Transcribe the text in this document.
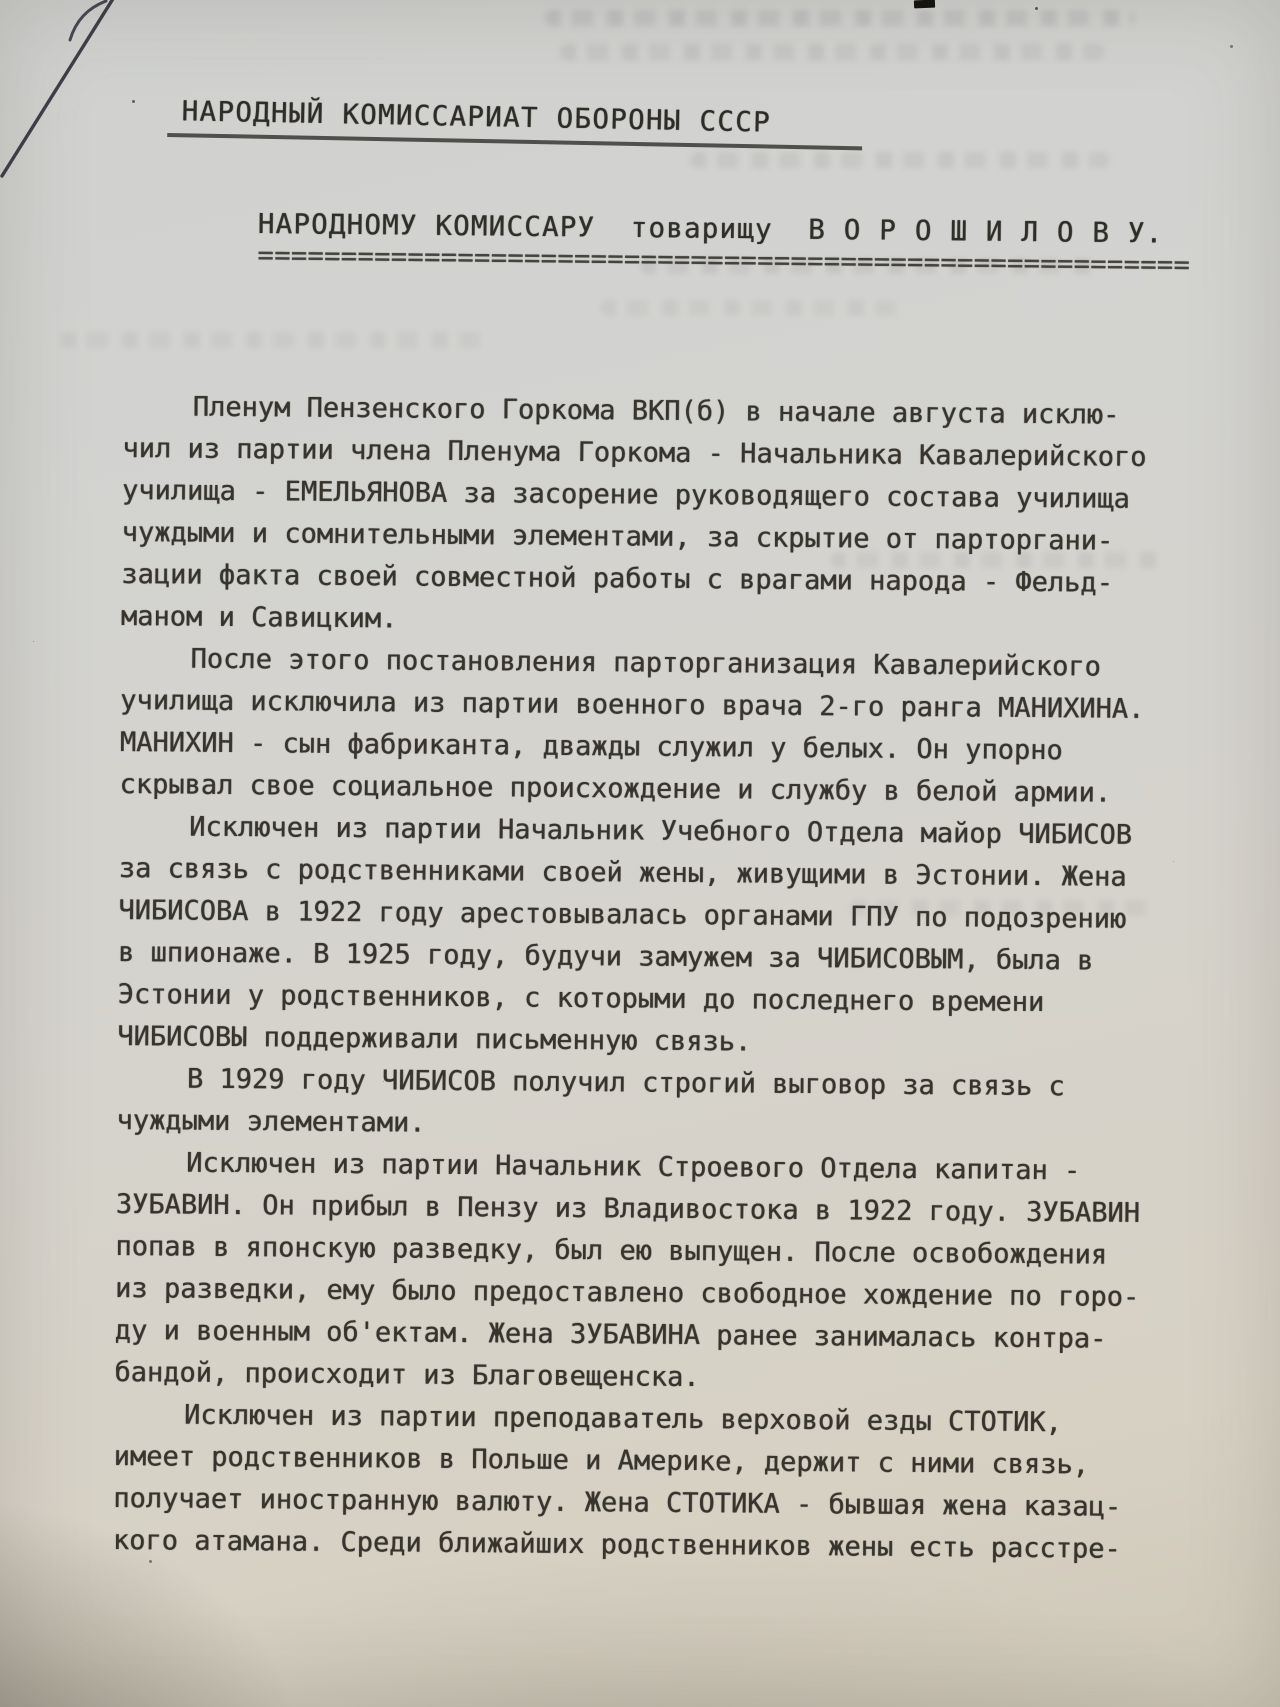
НАРОДНЫЙ КОМИССАРИАТ ОБОРОНЫ СССР
НАРОДНОМУ КОМИССАРУ  товарищу  В О Р О Ш И Л О В У.
========================================================
Пленум Пензенского Горкома ВКП(б) в начале августа исклю-
чил из партии члена Пленума Горкома - Начальника Кавалерийского
училища - ЕМЕЛЬЯНОВА за засорение руководящего состава училища
чуждыми и сомнительными элементами, за скрытие от парторгани-
зации факта своей совместной работы с врагами народа - Фельд-
маном и Савицким.
После этого постановления парторганизация Кавалерийского
училища исключила из партии военного врача 2-го ранга МАНИХИНА.
МАНИХИН - сын фабриканта, дважды служил у белых. Он упорно
скрывал свое социальное происхождение и службу в белой армии.
Исключен из партии Начальник Учебного Отдела майор ЧИБИСОВ
за связь с родственниками своей жены, живущими в Эстонии. Жена
ЧИБИСОВА в 1922 году арестовывалась органами ГПУ по подозрению
в шпионаже. В 1925 году, будучи замужем за ЧИБИСОВЫМ, была в
Эстонии у родственников, с которыми до последнего времени
ЧИБИСОВЫ поддерживали письменную связь.
В 1929 году ЧИБИСОВ получил строгий выговор за связь с
чуждыми элементами.
Исключен из партии Начальник Строевого Отдела капитан -
ЗУБАВИН. Он прибыл в Пензу из Владивостока в 1922 году. ЗУБАВИН
попав в японскую разведку, был ею выпущен. После освобождения
из разведки, ему было предоставлено свободное хождение по горо-
ду и военным об'ектам. Жена ЗУБАВИНА ранее занималась контра-
бандой, происходит из Благовещенска.
Исключен из партии преподаватель верховой езды СТОТИК,
имеет родственников в Польше и Америке, держит с ними связь,
получает иностранную валюту. Жена СТОТИКА - бывшая жена казац-
кого атамана. Среди ближайших родственников жены есть расстре-
